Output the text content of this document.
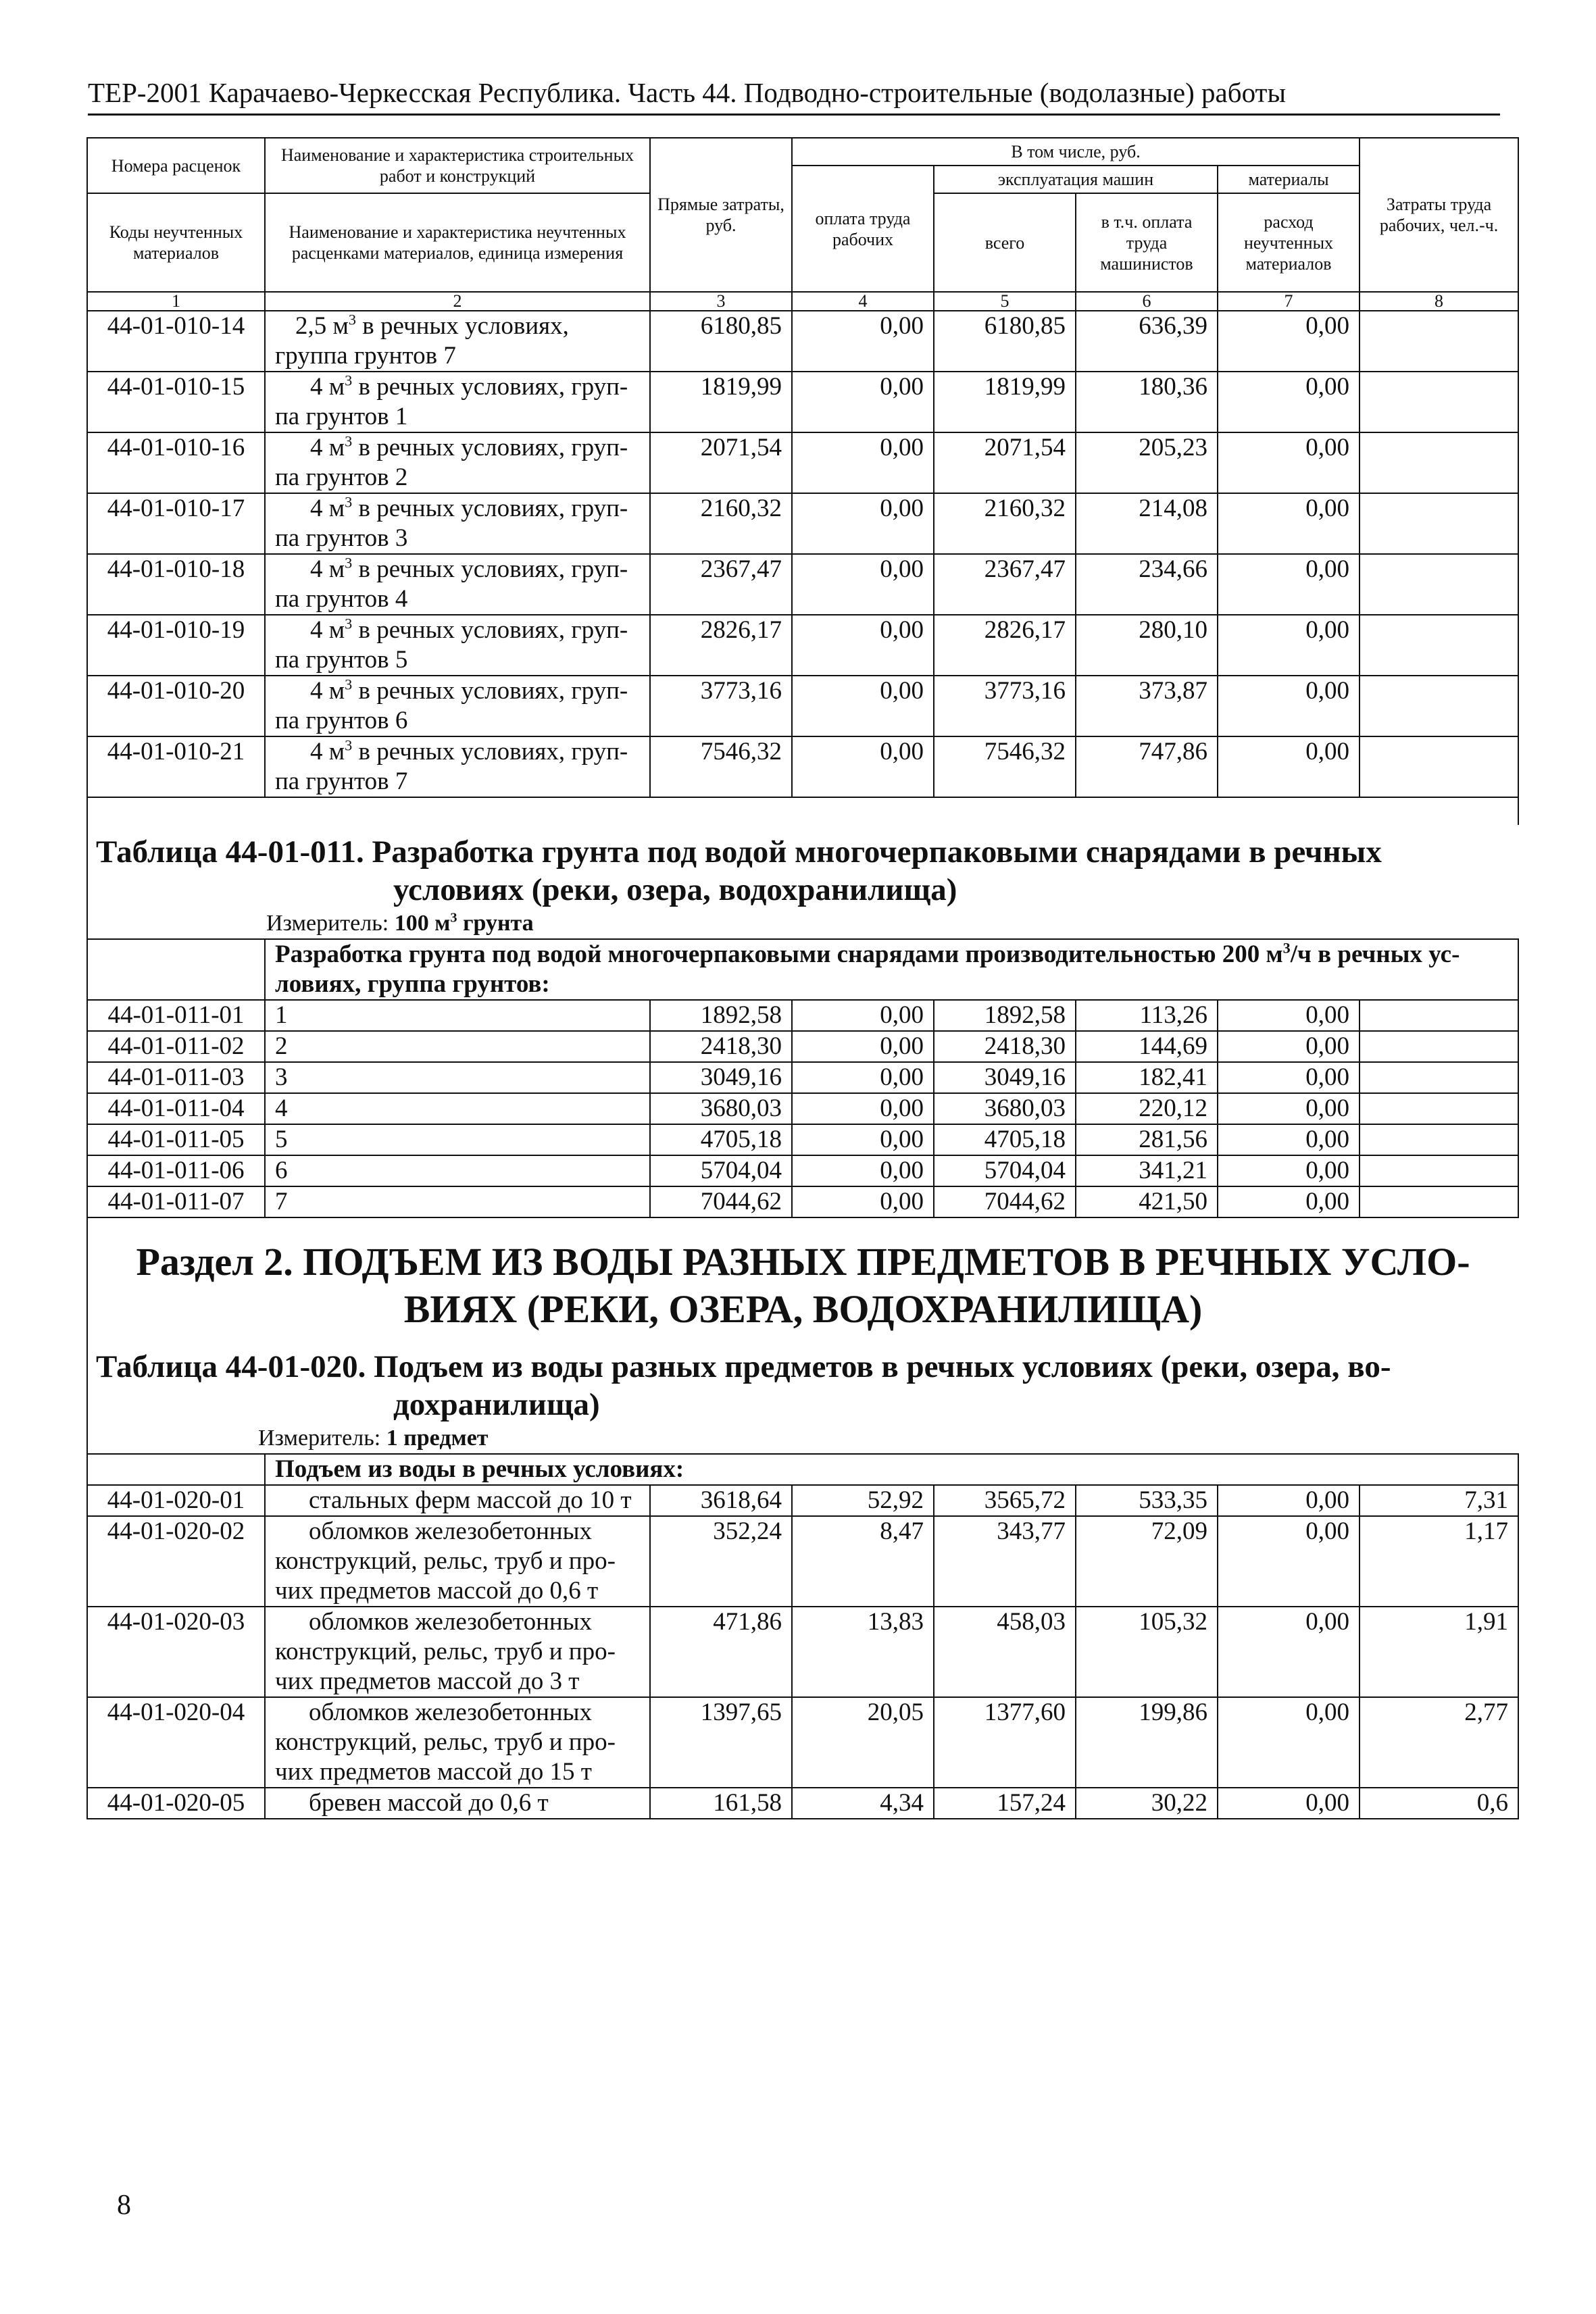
ТЕР-2001 Карачаево-Черкесская Республика. Часть 44. Подводно-строительные (водолазные) работы
Номера расценок	Наименование и характеристика строительных работ и конструкций	Прямые затраты, руб.	В том числе, руб.				Затраты труда рабочих, чел.-ч.
			оплата труда рабочих	эксплуатация машин		материалы	
Коды неучтенных материалов	Наименование и характеристика неучтенных расценками материалов, единица измерения			всего	в т.ч. оплата труда машинистов	расход неучтенных материалов	

1	2	3	4	5	6	7	8
44-01-010-14	2,5 $м^3$ в речных условиях,
группа грунтов 7	6180,85	0,00	6180,85	636,39	0,00	
44-01-010-15	4 $м^3$ в речных условиях, груп-
па грунтов 1	1819,99	0,00	1819,99	180,36	0,00	
44-01-010-16	4 $м^3$ в речных условиях, груп-
па грунтов 2	2071,54	0,00	2071,54	205,23	0,00	
44-01-010-17	4 $м^3$ в речных условиях, груп-
па грунтов 3	2160,32	0,00	2160,32	214,08	0,00	
44-01-010-18	4 $м^3$ в речных условиях, груп-
па грунтов 4	2367,47	0,00	2367,47	234,66	0,00	
44-01-010-19	4 $м^3$ в речных условиях, груп-
па грунтов 5	2826,17	0,00	2826,17	280,10	0,00	
44-01-010-20	4 $м^3$ в речных условиях, груп-
па грунтов 6	3773,16	0,00	3773,16	373,87	0,00	
44-01-010-21	4 $м^3$ в речных условиях, груп-
па грунтов 7	7546,32	0,00	7546,32	747,86	0,00	

Таблица 44-01-011. Разработка грунта под водой многочерпаковыми снарядами в речных
условиях (реки, озера, водохранилища)
Измеритель: 100 $м^3$ грунта							

	Разработка грунта под водой многочерпаковыми снарядами производительностью 200 $м^3/ч$ в речных ус-
ловиях, группа грунтов:						
44-01-011-01	1	1892,58	0,00	1892,58	113,26	0,00	
44-01-011-02	2	2418,30	0,00	2418,30	144,69	0,00	
44-01-011-03	3	3049,16	0,00	3049,16	182,41	0,00	
44-01-011-04	4	3680,03	0,00	3680,03	220,12	0,00	
44-01-011-05	5	4705,18	0,00	4705,18	281,56	0,00	
44-01-011-06	6	5704,04	0,00	5704,04	341,21	0,00	
44-01-011-07	7	7044,62	0,00	7044,62	421,50	0,00	

Раздел 2. ПОДЪЕМ ИЗ ВОДЫ РАЗНЫХ ПРЕДМЕТОВ В РЕЧНЫХ УСЛО-
ВИЯХ (РЕКИ, ОЗЕРА, ВОДОХРАНИЛИЩА)
Таблица 44-01-020. Подъем из воды разных предметов в речных условиях (реки, озера, во-
дохранилища)
Измеритель: 1 предмет							

	Подъем из воды в речных условиях:						
44-01-020-01	стальных ферм массой до 10 т	3618,64	52,92	3565,72	533,35	0,00	7,31
44-01-020-02	обломков железобетонных
конструкций, рельс, труб и про-
чих предметов массой до 0,6 т	352,24	8,47	343,77	72,09	0,00	1,17
44-01-020-03	обломков железобетонных
конструкций, рельс, труб и про-
чих предметов массой до 3 т	471,86	13,83	458,03	105,32	0,00	1,91
44-01-020-04	обломков железобетонных
конструкций, рельс, труб и про-
чих предметов массой до 15 т	1397,65	20,05	1377,60	199,86	0,00	2,77
44-01-020-05	бревен массой до 0,6 т	161,58	4,34	157,24	30,22	0,00	0,6
8
